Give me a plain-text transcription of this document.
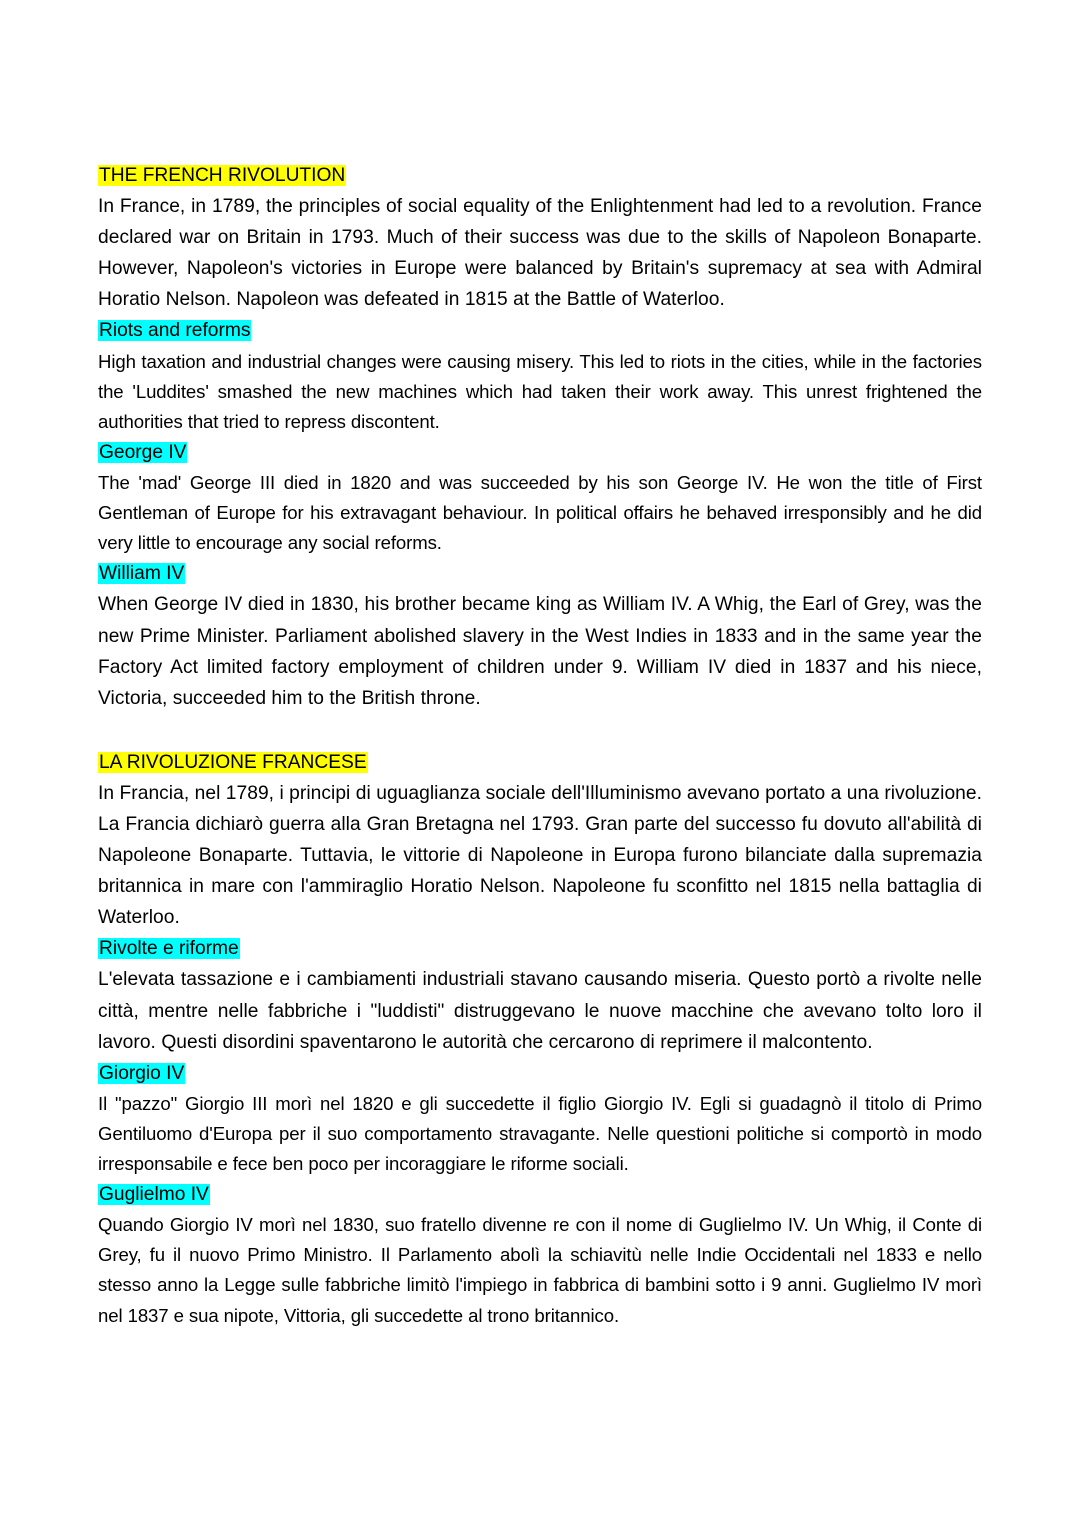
THE FRENCH RIVOLUTION

In France, in 1789, the principles of social equality of the Enlightenment had led to a revolution. France declared war on Britain in 1793. Much of their success was due to the skills of Napoleon Bonaparte. However, Napoleon's victories in Europe were balanced by Britain's supremacy at sea with Admiral Horatio Nelson. Napoleon was defeated in 1815 at the Battle of Waterloo.

Riots and reforms

High taxation and industrial changes were causing misery. This led to riots in the cities, while in the factories the 'Luddites' smashed the new machines which had taken their work away. This unrest frightened the authorities that tried to repress discontent.

George IV

The 'mad' George III died in 1820 and was succeeded by his son George IV. He won the title of First Gentleman of Europe for his extravagant behaviour. In political offairs he behaved irresponsibly and he did very little to encourage any social reforms.

William IV

When George IV died in 1830, his brother became king as William IV. A Whig, the Earl of Grey, was the new Prime Minister. Parliament abolished slavery in the West Indies in 1833 and in the same year the Factory Act limited factory employment of children under 9. William IV died in 1837 and his niece, Victoria, succeeded him to the British throne.

LA RIVOLUZIONE FRANCESE

In Francia, nel 1789, i principi di uguaglianza sociale dell'Illuminismo avevano portato a una rivoluzione. La Francia dichiarò guerra alla Gran Bretagna nel 1793. Gran parte del successo fu dovuto all'abilità di Napoleone Bonaparte. Tuttavia, le vittorie di Napoleone in Europa furono bilanciate dalla supremazia britannica in mare con l'ammiraglio Horatio Nelson. Napoleone fu sconfitto nel 1815 nella battaglia di Waterloo.

Rivolte e riforme

L'elevata tassazione e i cambiamenti industriali stavano causando miseria. Questo portò a rivolte nelle città, mentre nelle fabbriche i "luddisti" distruggevano le nuove macchine che avevano tolto loro il lavoro. Questi disordini spaventarono le autorità che cercarono di reprimere il malcontento.

Giorgio IV

Il "pazzo" Giorgio III morì nel 1820 e gli succedette il figlio Giorgio IV. Egli si guadagnò il titolo di Primo Gentiluomo d'Europa per il suo comportamento stravagante. Nelle questioni politiche si comportò in modo irresponsabile e fece ben poco per incoraggiare le riforme sociali.

Guglielmo IV

Quando Giorgio IV morì nel 1830, suo fratello divenne re con il nome di Guglielmo IV. Un Whig, il Conte di Grey, fu il nuovo Primo Ministro. Il Parlamento abolì la schiavitù nelle Indie Occidentali nel 1833 e nello stesso anno la Legge sulle fabbriche limitò l'impiego in fabbrica di bambini sotto i 9 anni. Guglielmo IV morì nel 1837 e sua nipote, Vittoria, gli succedette al trono britannico.
